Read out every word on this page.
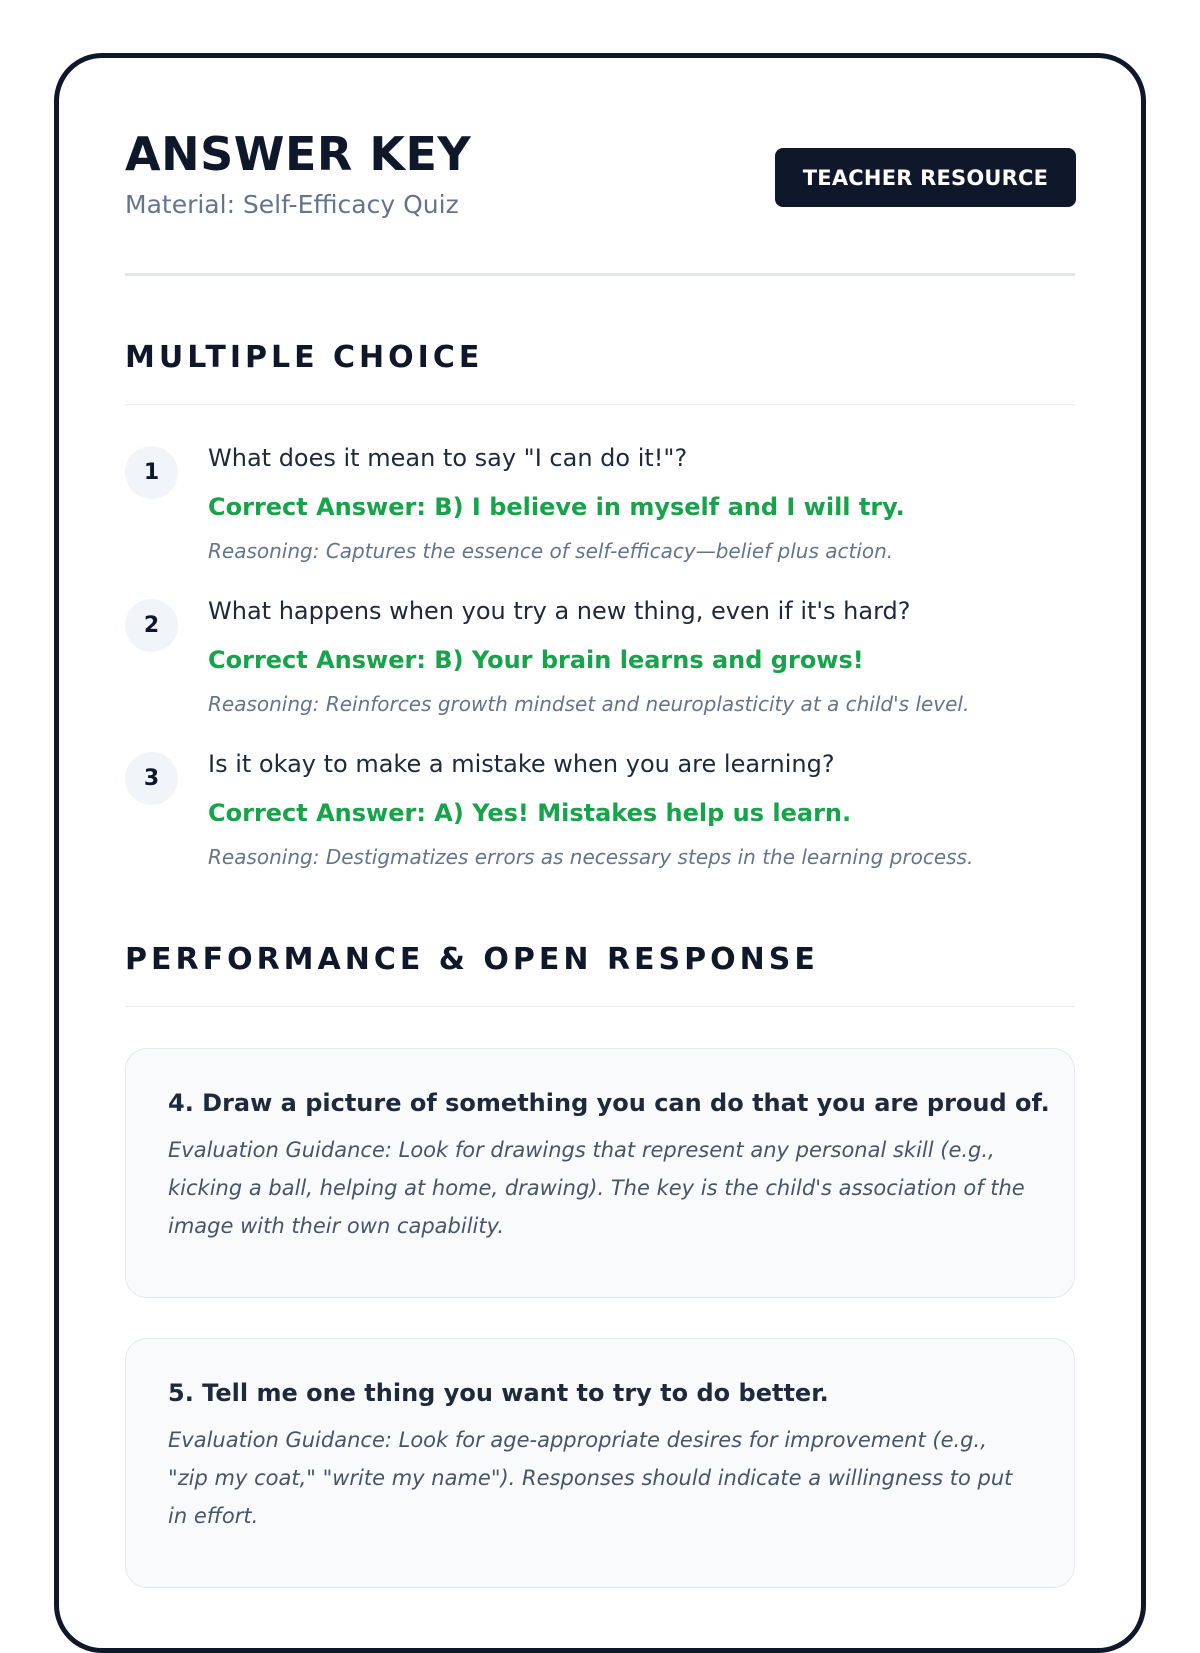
ANSWER KEY
Material: Self-Efficacy Quiz
TEACHER RESOURCE
MULTIPLE CHOICE
1
What does it mean to say "I can do it!"?
Correct Answer: B) I believe in myself and I will try.
Reasoning: Captures the essence of self-efficacy—belief plus action.
2
What happens when you try a new thing, even if it's hard?
Correct Answer: B) Your brain learns and grows!
Reasoning: Reinforces growth mindset and neuroplasticity at a child's level.
3
Is it okay to make a mistake when you are learning?
Correct Answer: A) Yes! Mistakes help us learn.
Reasoning: Destigmatizes errors as necessary steps in the learning process.
PERFORMANCE & OPEN RESPONSE

4. Draw a picture of something you can do that you are proud of.

Evaluation Guidance: Look for drawings that represent any personal skill (e.g., kicking a ball, helping at home, drawing). The key is the child's association of the image with their own capability.

5. Tell me one thing you want to try to do better.

Evaluation Guidance: Look for age-appropriate desires for improvement (e.g., "zip my coat," "write my name"). Responses should indicate a willingness to put in effort.
